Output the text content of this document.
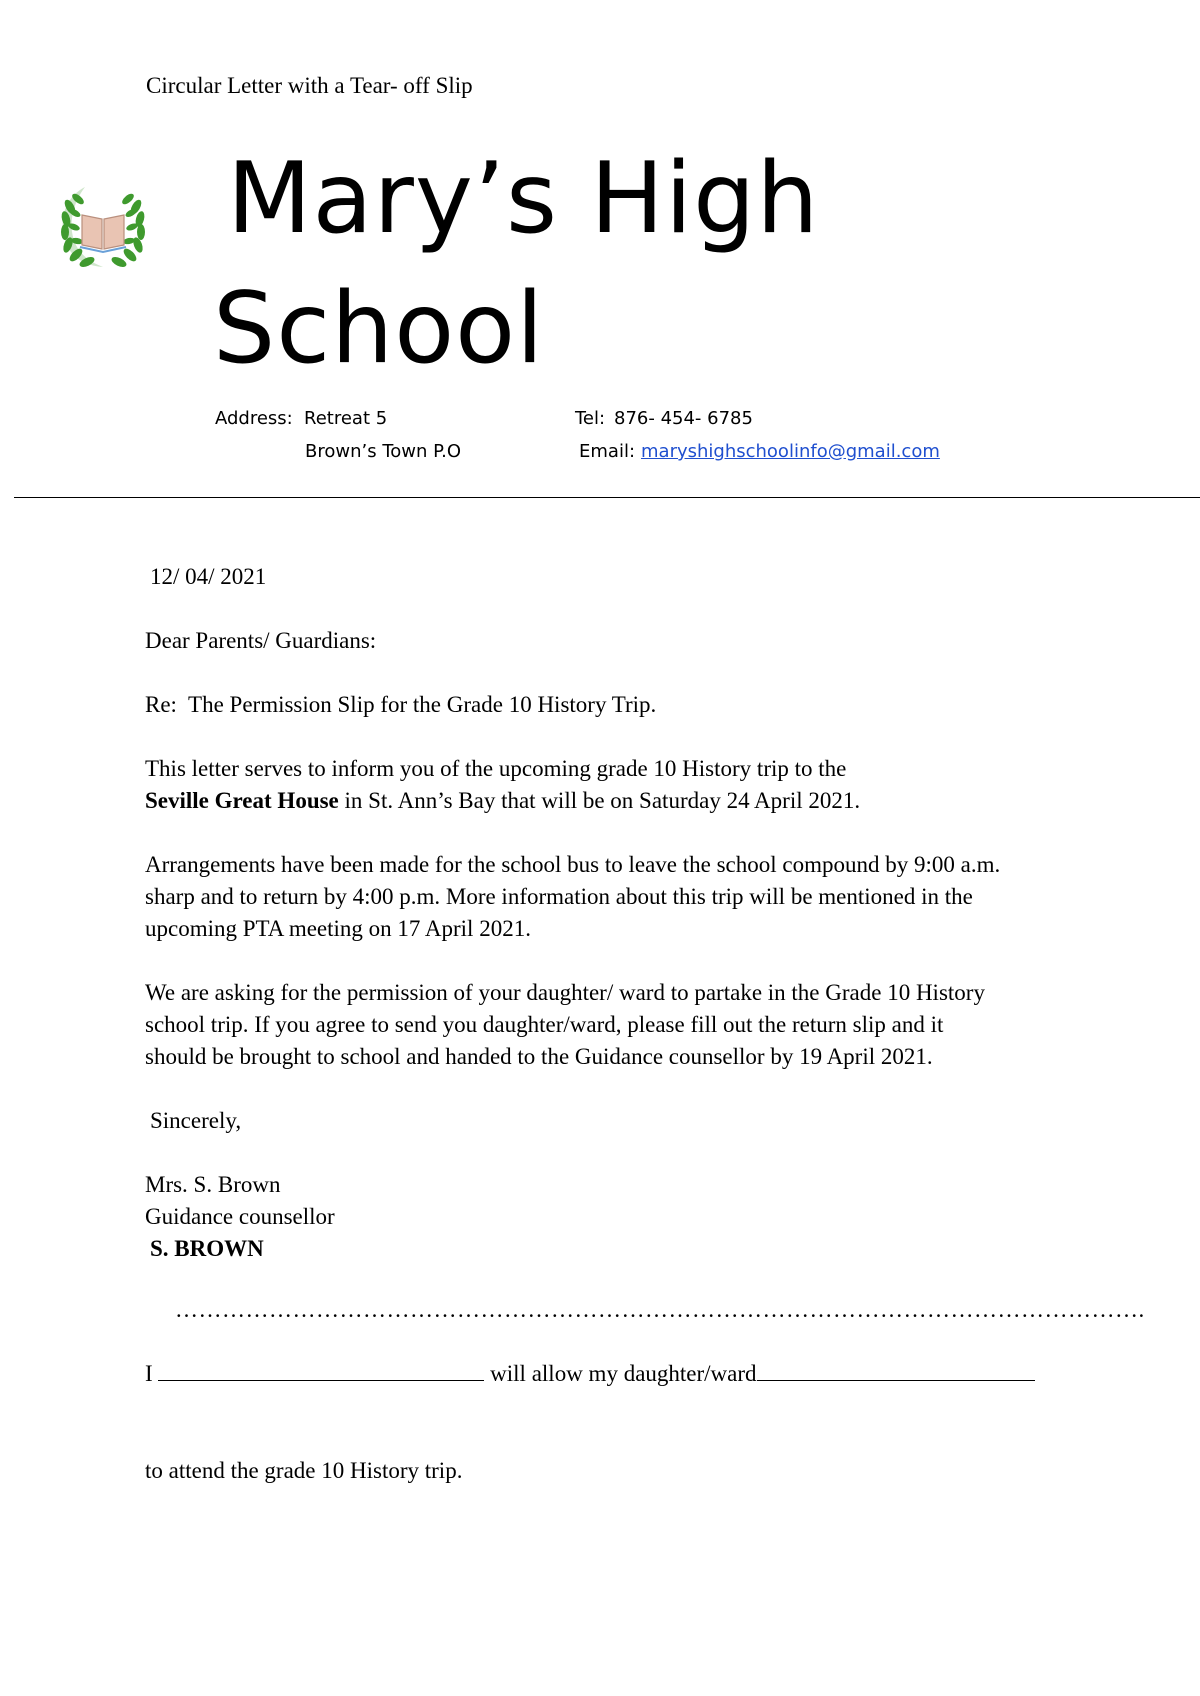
Circular Letter with a Tear- off Slip
Mary’s High
School
Address: Retreat 5
Brown’s Town P.O
Tel: 876- 454- 6785
Email: maryshighschoolinfo@gmail.com
12/ 04/ 2021
Dear Parents/ Guardians:
Re:  The Permission Slip for the Grade 10 History Trip.
This letter serves to inform you of the upcoming grade 10 History trip to the
Seville Great House in St. Ann’s Bay that will be on Saturday 24 April 2021.
Arrangements have been made for the school bus to leave the school compound by 9:00 a.m.
sharp and to return by 4:00 p.m. More information about this trip will be mentioned in the
upcoming PTA meeting on 17 April 2021.
We are asking for the permission of your daughter/ ward to partake in the Grade 10 History
school trip. If you agree to send you daughter/ward, please fill out the return slip and it
should be brought to school and handed to the Guidance counsellor by 19 April 2021.
Sincerely,
Mrs. S. Brown
Guidance counsellor
S. BROWN
…………………………………………………………………………………………………………….
I	will allow my daughter/ward
to attend the grade 10 History trip.
